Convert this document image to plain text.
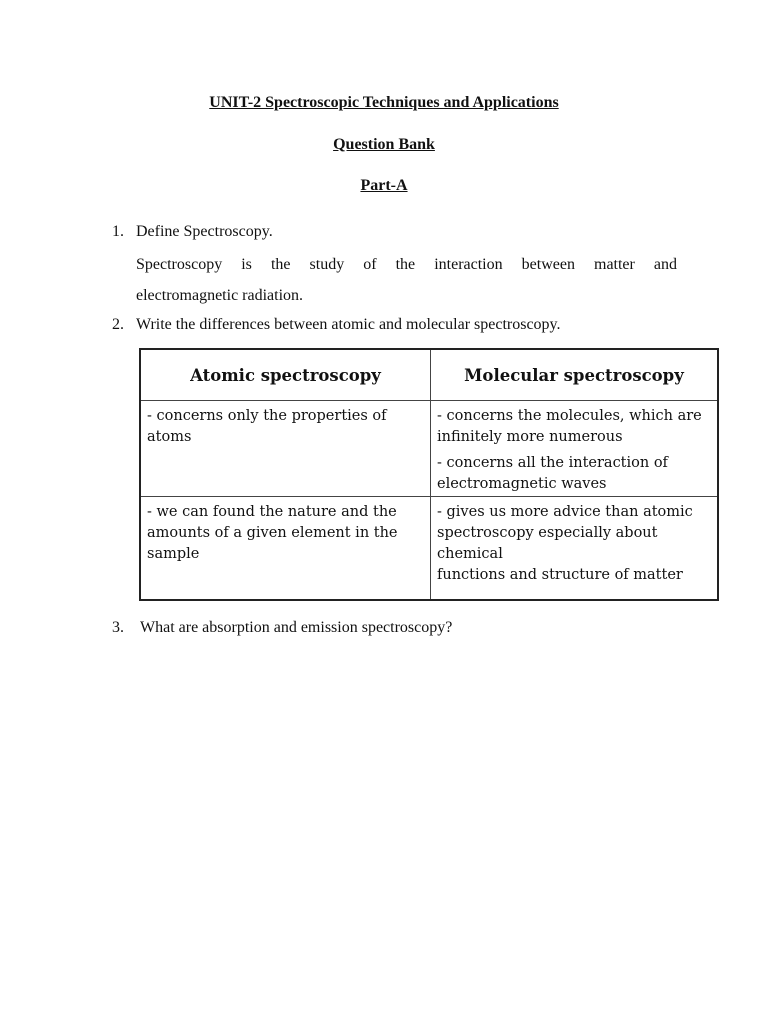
UNIT-2 Spectroscopic Techniques and Applications
Question Bank
Part-A
1. Define Spectroscopy.
Spectroscopy is the study of the interaction between matter and
electromagnetic radiation.
2. Write the differences between atomic and molecular spectroscopy.
Atomic spectroscopy	Molecular spectroscopy

- concerns only the properties of atoms	- concerns the molecules, which are
infinitely more numerous
- concerns all the interaction of
electromagnetic waves

- we can found the nature and the
amounts of a given element in the
sample	- gives us more advice than atomic
spectroscopy especially about chemical
functions and structure of matter
3. What are absorption and emission spectroscopy?
